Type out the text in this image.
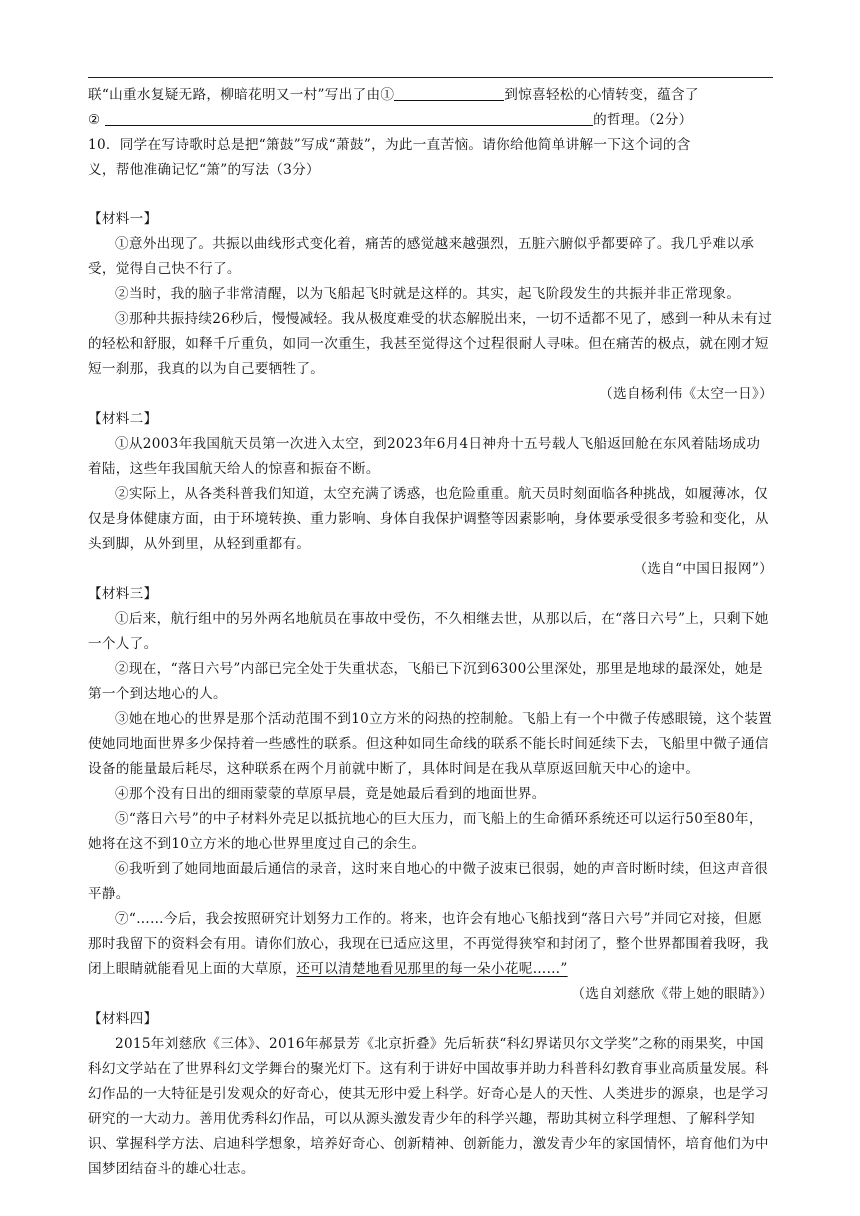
联“山重水复疑无路，柳暗花明又一村”写出了由①	到惊喜轻松的心情转变，蕴含了

②	的哲理。（2分）

10．同学在写诗歌时总是把“箫鼓”写成“萧鼓”，为此一直苦恼。请你给他简单讲解一下这个词的含

义，帮他准确记忆“箫”的写法（3分）

【材料一】

①意外出现了。共振以曲线形式变化着，痛苦的感觉越来越强烈，五脏六腑似乎都要碎了。我几乎难以承受，觉得自己快不行了。

②当时，我的脑子非常清醒，以为飞船起飞时就是这样的。其实，起飞阶段发生的共振并非正常现象。

③那种共振持续26秒后，慢慢减轻。我从极度难受的状态解脱出来，一切不适都不见了，感到一种从未有过的轻松和舒服，如释千斤重负，如同一次重生，我甚至觉得这个过程很耐人寻味。但在痛苦的极点，就在刚才短短一刹那，我真的以为自己要牺牲了。

（选自杨利伟《太空一日》）

【材料二】

①从2003年我国航天员第一次进入太空，到2023年6月4日神舟十五号载人飞船返回舱在东风着陆场成功着陆，这些年我国航天给人的惊喜和振奋不断。

②实际上，从各类科普我们知道，太空充满了诱惑，也危险重重。航天员时刻面临各种挑战，如履薄冰，仅仅是身体健康方面，由于环境转换、重力影响、身体自我保护调整等因素影响，身体要承受很多考验和变化，从头到脚，从外到里，从轻到重都有。

（选自“中国日报网”）

【材料三】

①后来，航行组中的另外两名地航员在事故中受伤，不久相继去世，从那以后，在“落日六号”上，只剩下她一个人了。

②现在，“落日六号”内部已完全处于失重状态，飞船已下沉到6300公里深处，那里是地球的最深处，她是第一个到达地心的人。

③她在地心的世界是那个活动范围不到10立方米的闷热的控制舱。飞船上有一个中微子传感眼镜，这个装置使她同地面世界多少保持着一些感性的联系。但这种如同生命线的联系不能长时间延续下去，飞船里中微子通信设备的能量最后耗尽，这种联系在两个月前就中断了，具体时间是在我从草原返回航天中心的途中。

④那个没有日出的细雨蒙蒙的草原早晨，竟是她最后看到的地面世界。

⑤“落日六号”的中子材料外壳足以抵抗地心的巨大压力，而飞船上的生命循环系统还可以运行50至80年，她将在这不到10立方米的地心世界里度过自己的余生。

⑥我听到了她同地面最后通信的录音，这时来自地心的中微子波束已很弱，她的声音时断时续，但这声音很平静。

⑦“……今后，我会按照研究计划努力工作的。将来，也许会有地心飞船找到“落日六号”并同它对接，但愿那时我留下的资料会有用。请你们放心，我现在已适应这里，不再觉得狭窄和封闭了，整个世界都围着我呀，我闭上眼睛就能看见上面的大草原，还可以清楚地看见那里的每一朵小花呢……”

（选自刘慈欣《带上她的眼睛》）

【材料四】

2015年刘慈欣《三体》、2016年郝景芳《北京折叠》先后斩获“科幻界诺贝尔文学奖”之称的雨果奖，中国科幻文学站在了世界科幻文学舞台的聚光灯下。这有利于讲好中国故事并助力科普科幻教育事业高质量发展。科幻作品的一大特征是引发观众的好奇心，使其无形中爱上科学。好奇心是人的天性、人类进步的源泉，也是学习研究的一大动力。善用优秀科幻作品，可以从源头激发青少年的科学兴趣，帮助其树立科学理想、了解科学知识、掌握科学方法、启迪科学想象，培养好奇心、创新精神、创新能力，激发青少年的家国情怀，培育他们为中国梦团结奋斗的雄心壮志。
